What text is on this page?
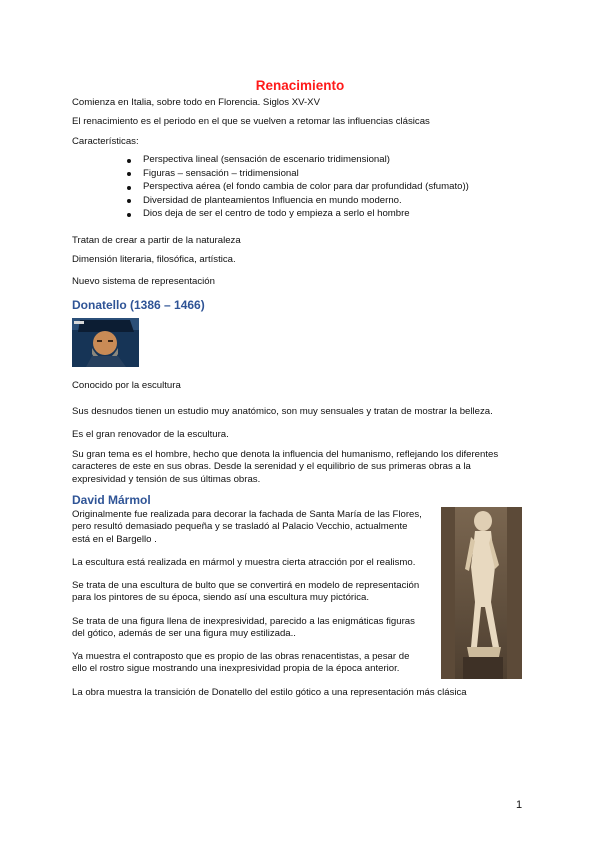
Renacimiento
Comienza en Italia, sobre todo en Florencia. Siglos XV-XV
El renacimiento es el periodo en el que se vuelven a retomar las influencias clásicas
Características:
Perspectiva lineal (sensación de escenario tridimensional)
Figuras – sensación – tridimensional
Perspectiva aérea (el fondo cambia de color para dar profundidad (sfumato))
Diversidad de planteamientos Influencia en mundo moderno.
Dios deja de ser el centro de todo y empieza a serlo el hombre
Tratan de crear a partir de la naturaleza
Dimensión literaria, filosófica, artística.
Nuevo sistema de representación
Donatello (1386 – 1466)
Conocido por la escultura
Sus desnudos tienen un estudio muy anatómico, son muy sensuales y tratan de mostrar la belleza.
Es el gran renovador de la escultura.
Su gran tema es el hombre, hecho que denota la influencia del humanismo, reflejando los diferentes
caracteres de este en sus obras. Desde la serenidad y el equilibrio de sus primeras obras a la
expresividad y tensión de sus últimas obras.
David Mármol
Originalmente fue realizada para decorar la fachada de Santa María de las Flores,
pero resultó demasiado pequeña y se trasladó al Palacio Vecchio, actualmente
está en el Bargello .
La escultura está realizada en mármol y muestra cierta atracción por el realismo.
Se trata de una escultura de bulto que se convertirá en modelo de representación
para los pintores de su época, siendo así una escultura muy pictórica.
Se trata de una figura llena de inexpresividad, parecido a las enigmáticas figuras
del gótico, además de ser una figura muy estilizada..
Ya muestra el contraposto que es propio de las obras renacentistas, a pesar de
ello el rostro sigue mostrando una inexpresividad propia de la época anterior.
La obra muestra la transición de Donatello del estilo gótico a una representación más clásica
1
